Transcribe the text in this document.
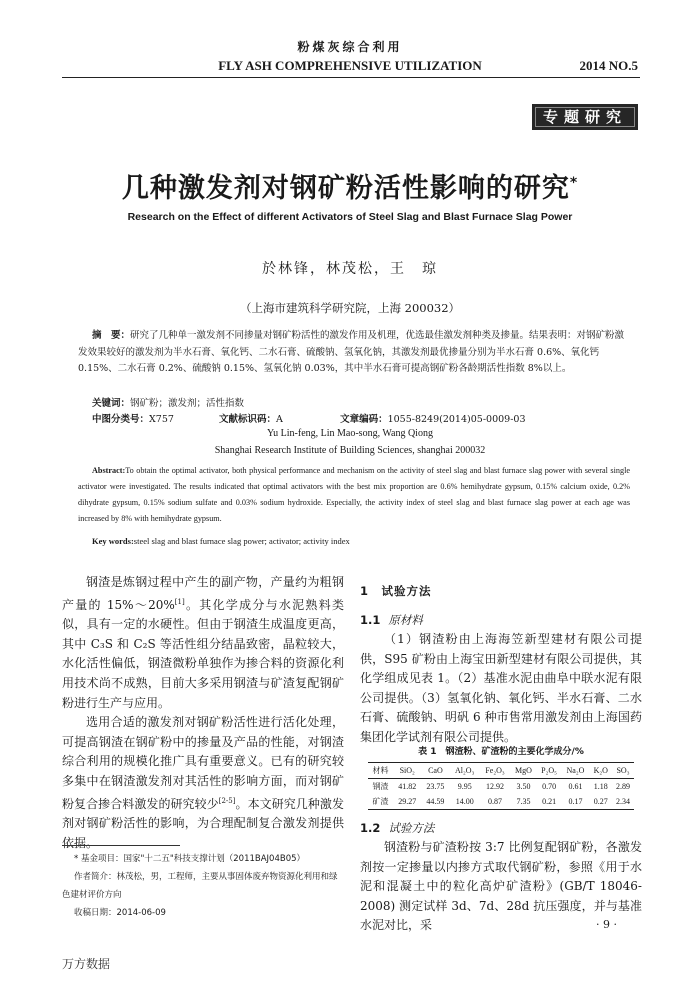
粉煤灰综合利用
FLY ASH COMPREHENSIVE UTILIZATION	2014 NO.5
专题研究
几种激发剂对钢矿粉活性影响的研究*
Research on the Effect of different Activators of Steel Slag and Blast Furnace Slag Power
於林锋，林茂松，王　琼
（上海市建筑科学研究院，上海 200032）
摘　要：研究了几种单一激发剂不同掺量对钢矿粉活性的激发作用及机理，优选最佳激发剂种类及掺量。结果表明：对钢矿粉激发效果较好的激发剂为半水石膏、氧化钙、二水石膏、硫酸钠、氢氧化钠，其激发剂最优掺量分别为半水石膏 0.6%、氧化钙 0.15%、二水石膏 0.2%、硫酸钠 0.15%、氢氧化钠 0.03%，其中半水石膏可提高钢矿粉各龄期活性指数 8%以上。
关键词：钢矿粉；激发剂；活性指数
中图分类号：X757	文献标识码：A	文章编码：1055-8249(2014)05-0009-03
Yu Lin-feng, Lin Mao-song, Wang Qiong
Shanghai Research Institute of Building Sciences, shanghai 200032
Abstract:To obtain the optimal activator, both physical performance and mechanism on the activity of steel slag and blast furnace slag power with several single activator were investigated. The results indicated that optimal activators with the best mix proportion are 0.6% hemihydrate gypsum, 0.15% calcium oxide, 0.2% dihydrate gypsum, 0.15% sodium sulfate and 0.03% sodium hydroxide. Especially, the activity index of steel slag and blast furnace slag power at each age was increased by 8% with hemihydrate gypsum.
Key words:steel slag and blast furnace slag power; activator; activity index

钢渣是炼钢过程中产生的副产物，产量约为粗钢产量的 15%～20%[1]。其化学成分与水泥熟料类似，具有一定的水硬性。但由于钢渣生成温度更高，其中 C₃S 和 C₂S 等活性组分结晶致密，晶粒较大，水化活性偏低，钢渣微粉单独作为掺合料的资源化利用技术尚不成熟，目前大多采用钢渣与矿渣复配钢矿粉进行生产与应用。

选用合适的激发剂对钢矿粉活性进行活化处理，可提高钢渣在钢矿粉中的掺量及产品的性能，对钢渣综合利用的规模化推广具有重要意义。已有的研究较多集中在钢渣激发剂对其活性的影响方面，而对钢矿粉复合掺合料激发的研究较少[2-5]。本文研究几种激发剂对钢矿粉活性的影响，为合理配制复合激发剂提供依据。

* 基金项目：国家"十二五"科技支撑计划（2011BAJ04B05）
作者简介：林茂松，男，工程师，主要从事固体废弃物资源化利用和绿色建材评价方向
收稿日期：2014-06-09
1　试验方法
1.1 原材料

（1）钢渣粉由上海海笠新型建材有限公司提供，S95 矿粉由上海宝田新型建材有限公司提供，其化学组成见表 1。（2）基准水泥由曲阜中联水泥有限公司提供。（3）氢氧化钠、氧化钙、半水石膏、二水石膏、硫酸钠、明矾 6 种市售常用激发剂由上海国药集团化学试剂有限公司提供。

表 1　钢渣粉、矿渣粉的主要化学成分/%
材料	SiO₂	CaO	Al₂O₃	Fe₂O₃	MgO	P₂O₅	Na₂O	K₂O	SO₃
钢渣	41.82	23.75	9.95	12.92	3.50	0.70	0.61	1.18	2.89
矿渣	29.27	44.59	14.00	0.87	7.35	0.21	0.17	0.27	2.34
1.2 试验方法

钢渣粉与矿渣粉按 3:7 比例复配钢矿粉，各激发剂按一定掺量以内掺方式取代钢矿粉，参照《用于水泥和混凝土中的粒化高炉矿渣粉》(GB/T 18046-2008) 测定试样 3d、7d、28d 抗压强度，并与基准水泥对比，采	· 9 ·
万方数据
